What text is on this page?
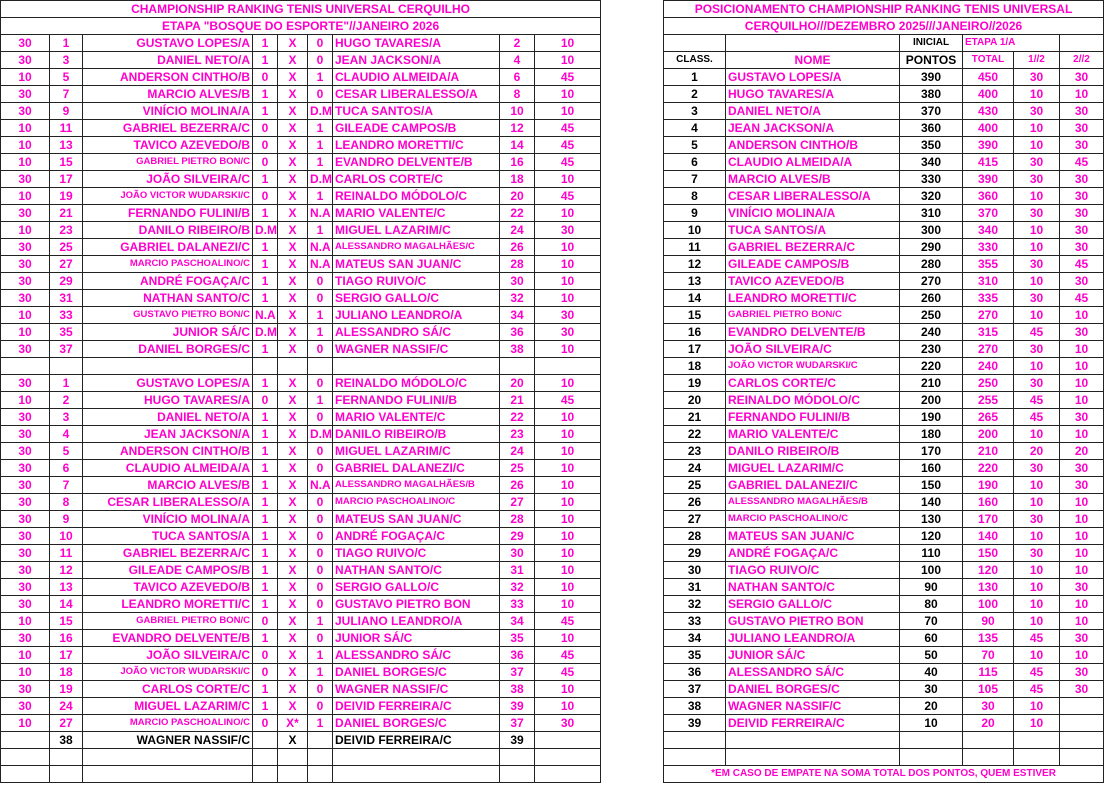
CHAMPIONSHIP RANKING TENIS UNIVERSAL CERQUILHO								
ETAPA "BOSQUE DO ESPORTE"//JANEIRO 2026								
30	1	GUSTAVO LOPES/A	1	X	0	HUGO TAVARES/A	2	10
30	3	DANIEL NETO/A	1	X	0	JEAN JACKSON/A	4	10
10	5	ANDERSON CINTHO/B	0	X	1	CLAUDIO ALMEIDA/A	6	45
30	7	MARCIO ALVES/B	1	X	0	CESAR LIBERALESSO/A	8	10
30	9	VINÍCIO MOLINA/A	1	X	D.M	TUCA SANTOS/A	10	10
10	11	GABRIEL BEZERRA/C	0	X	1	GILEADE CAMPOS/B	12	45
10	13	TAVICO AZEVEDO/B	0	X	1	LEANDRO MORETTI/C	14	45
10	15	GABRIEL PIETRO BON/C	0	X	1	EVANDRO DELVENTE/B	16	45
30	17	JOÃO SILVEIRA/C	1	X	D.M	CARLOS CORTE/C	18	10
10	19	JOÃO VICTOR WUDARSKI/C	0	X	1	REINALDO MÓDOLO/C	20	45
30	21	FERNANDO FULINI/B	1	X	N.A	MARIO VALENTE/C	22	10
10	23	DANILO RIBEIRO/B	D.M	X	1	MIGUEL LAZARIM/C	24	30
30	25	GABRIEL DALANEZI/C	1	X	N.A	ALESSANDRO MAGALHÃES/C	26	10
30	27	MARCIO PASCHOALINO/C	1	X	N.A	MATEUS SAN JUAN/C	28	10
30	29	ANDRÉ FOGAÇA/C	1	X	0	TIAGO RUIVO/C	30	10
30	31	NATHAN SANTO/C	1	X	0	SERGIO GALLO/C	32	10
10	33	GUSTAVO PIETRO BON/C	N.A	X	1	JULIANO LEANDRO/A	34	30
10	35	JUNIOR SÁ/C	D.M	X	1	ALESSANDRO SÁ/C	36	30
30	37	DANIEL BORGES/C	1	X	0	WAGNER NASSIF/C	38	10

30	1	GUSTAVO LOPES/A	1	X	0	REINALDO MÓDOLO/C	20	10
10	2	HUGO TAVARES/A	0	X	1	FERNANDO FULINI/B	21	45
30	3	DANIEL NETO/A	1	X	0	MARIO VALENTE/C	22	10
30	4	JEAN JACKSON/A	1	X	D.M	DANILO RIBEIRO/B	23	10
30	5	ANDERSON CINTHO/B	1	X	0	MIGUEL LAZARIM/C	24	10
30	6	CLAUDIO ALMEIDA/A	1	X	0	GABRIEL DALANEZI/C	25	10
30	7	MARCIO ALVES/B	1	X	N.A	ALESSANDRO MAGALHÃES/B	26	10
30	8	CESAR LIBERALESSO/A	1	X	0	MARCIO PASCHOALINO/C	27	10
30	9	VINÍCIO MOLINA/A	1	X	0	MATEUS SAN JUAN/C	28	10
30	10	TUCA SANTOS/A	1	X	0	ANDRÉ FOGAÇA/C	29	10
30	11	GABRIEL BEZERRA/C	1	X	0	TIAGO RUIVO/C	30	10
30	12	GILEADE CAMPOS/B	1	X	0	NATHAN SANTO/C	31	10
30	13	TAVICO AZEVEDO/B	1	X	0	SERGIO GALLO/C	32	10
30	14	LEANDRO MORETTI/C	1	X	0	GUSTAVO PIETRO BON	33	10
10	15	GABRIEL PIETRO BON/C	0	X	1	JULIANO LEANDRO/A	34	45
30	16	EVANDRO DELVENTE/B	1	X	0	JUNIOR SÁ/C	35	10
10	17	JOÃO SILVEIRA/C	0	X	1	ALESSANDRO SÁ/C	36	45
10	18	JOÃO VICTOR WUDARSKI/C	0	X	1	DANIEL BORGES/C	37	45
30	19	CARLOS CORTE/C	1	X	0	WAGNER NASSIF/C	38	10
30	24	MIGUEL LAZARIM/C	1	X	0	DEIVID FERREIRA/C	39	10
10	27	MARCIO PASCHOALINO/C	0	X*	1	DANIEL BORGES/C	37	30
	38	WAGNER NASSIF/C		X		DEIVID FERREIRA/C	39	

POSICIONAMENTO CHAMPIONSHIP RANKING TENIS UNIVERSAL					
CERQUILHO///DEZEMBRO 2025///JANEIRO//2026					
		INICIAL	ETAPA 1/A		
CLASS.	NOME	PONTOS	TOTAL	1//2	2//2
1	GUSTAVO LOPES/A	390	450	30	30
2	HUGO TAVARES/A	380	400	10	10
3	DANIEL NETO/A	370	430	30	30
4	JEAN JACKSON/A	360	400	10	30
5	ANDERSON CINTHO/B	350	390	10	30
6	CLAUDIO ALMEIDA/A	340	415	30	45
7	MARCIO ALVES/B	330	390	30	30
8	CESAR LIBERALESSO/A	320	360	10	30
9	VINÍCIO MOLINA/A	310	370	30	30
10	TUCA SANTOS/A	300	340	10	30
11	GABRIEL BEZERRA/C	290	330	10	30
12	GILEADE CAMPOS/B	280	355	30	45
13	TAVICO AZEVEDO/B	270	310	10	30
14	LEANDRO MORETTI/C	260	335	30	45
15	GABRIEL PIETRO BON/C	250	270	10	10
16	EVANDRO DELVENTE/B	240	315	45	30
17	JOÃO SILVEIRA/C	230	270	30	10
18	JOÃO VICTOR WUDARSKI/C	220	240	10	10
19	CARLOS CORTE/C	210	250	30	10
20	REINALDO MÓDOLO/C	200	255	45	10
21	FERNANDO FULINI/B	190	265	45	30
22	MARIO VALENTE/C	180	200	10	10
23	DANILO RIBEIRO/B	170	210	20	20
24	MIGUEL LAZARIM/C	160	220	30	30
25	GABRIEL DALANEZI/C	150	190	10	30
26	ALESSANDRO MAGALHÃES/B	140	160	10	10
27	MARCIO PASCHOALINO/C	130	170	30	10
28	MATEUS SAN JUAN/C	120	140	10	10
29	ANDRÉ FOGAÇA/C	110	150	30	10
30	TIAGO RUIVO/C	100	120	10	10
31	NATHAN SANTO/C	90	130	10	30
32	SERGIO GALLO/C	80	100	10	10
33	GUSTAVO PIETRO BON	70	90	10	10
34	JULIANO LEANDRO/A	60	135	45	30
35	JUNIOR SÁ/C	50	70	10	10
36	ALESSANDRO SÁ/C	40	115	45	30
37	DANIEL BORGES/C	30	105	45	30
38	WAGNER NASSIF/C	20	30	10	
39	DEIVID FERREIRA/C	10	20	10	

*EM CASO DE EMPATE NA SOMA TOTAL DOS PONTOS, QUEM ESTIVER					
